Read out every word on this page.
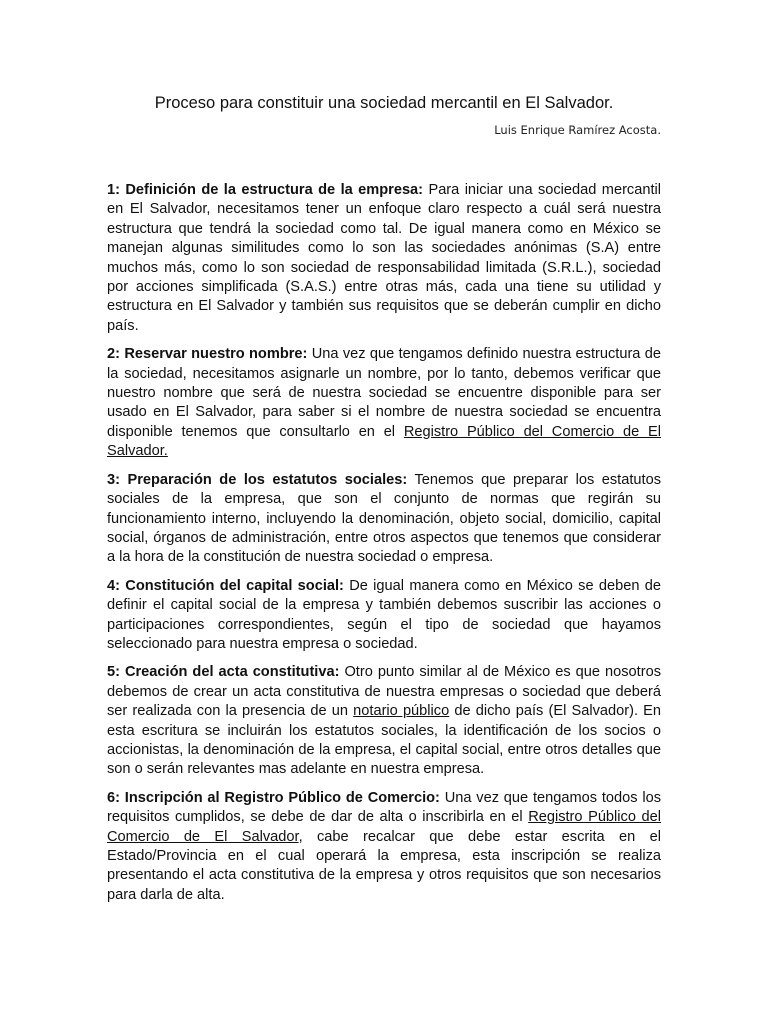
Proceso para constituir una sociedad mercantil en El Salvador.
Luis Enrique Ramírez Acosta.

1: Definición de la estructura de la empresa: Para iniciar una sociedad mercantil en El Salvador, necesitamos tener un enfoque claro respecto a cuál será nuestra estructura que tendrá la sociedad como tal. De igual manera como en México se manejan algunas similitudes como lo son las sociedades anónimas (S.A) entre muchos más, como lo son sociedad de responsabilidad limitada (S.R.L.), sociedad por acciones simplificada (S.A.S.) entre otras más, cada una tiene su utilidad y estructura en El Salvador y también sus requisitos que se deberán cumplir en dicho país.

2: Reservar nuestro nombre: Una vez que tengamos definido nuestra estructura de la sociedad, necesitamos asignarle un nombre, por lo tanto, debemos verificar que nuestro nombre que será de nuestra sociedad se encuentre disponible para ser usado en El Salvador, para saber si el nombre de nuestra sociedad se encuentra disponible tenemos que consultarlo en el Registro Público del Comercio de El Salvador.

3: Preparación de los estatutos sociales: Tenemos que preparar los estatutos sociales de la empresa, que son el conjunto de normas que regirán su funcionamiento interno, incluyendo la denominación, objeto social, domicilio, capital social, órganos de administración, entre otros aspectos que tenemos que considerar a la hora de la constitución de nuestra sociedad o empresa.

4: Constitución del capital social: De igual manera como en México se deben de definir el capital social de la empresa y también debemos suscribir las acciones o participaciones correspondientes, según el tipo de sociedad que hayamos seleccionado para nuestra empresa o sociedad.

5: Creación del acta constitutiva: Otro punto similar al de México es que nosotros debemos de crear un acta constitutiva de nuestra empresas o sociedad que deberá ser realizada con la presencia de un notario público de dicho país (El Salvador). En esta escritura se incluirán los estatutos sociales, la identificación de los socios o accionistas, la denominación de la empresa, el capital social, entre otros detalles que son o serán relevantes mas adelante en nuestra empresa.

6: Inscripción al Registro Público de Comercio: Una vez que tengamos todos los requisitos cumplidos, se debe de dar de alta o inscribirla en el Registro Público del Comercio de El Salvador, cabe recalcar que debe estar escrita en el Estado/Provincia en el cual operará la empresa, esta inscripción se realiza presentando el acta constitutiva de la empresa y otros requisitos que son necesarios para darla de alta.
